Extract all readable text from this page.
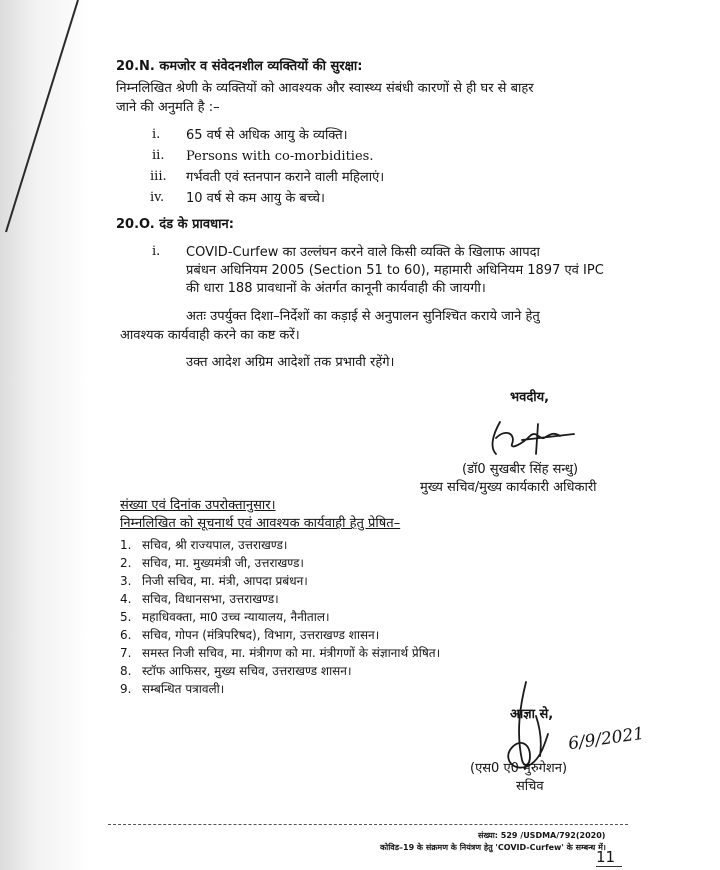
20.N. कमजोर व संवेदनशील व्यक्तियों की सुरक्षा:
निम्नलिखित श्रेणी के व्यक्तियों को आवश्यक और स्वास्थ्य संबंधी कारणों से ही घर से बाहर
जाने की अनुमति है :–
i. 65 वर्ष से अधिक आयु के व्यक्ति।
ii. Persons with co-morbidities.
iii. गर्भवती एवं स्तनपान कराने वाली महिलाएं।
iv. 10 वर्ष से कम आयु के बच्चे।
20.O. दंड के प्रावधान:
i. COVID-Curfew का उल्लंघन करने वाले किसी व्यक्ति के खिलाफ आपदा
प्रबंधन अधिनियम 2005 (Section 51 to 60), महामारी अधिनियम 1897 एवं IPC
की धारा 188 प्रावधानों के अंतर्गत कानूनी कार्यवाही की जायगी।
अतः उपर्युक्त दिशा–निर्देशों का कड़ाई से अनुपालन सुनिश्चित कराये जाने हेतु
आवश्यक कार्यवाही करने का कष्ट करें।
उक्त आदेश अग्रिम आदेशों तक प्रभावी रहेंगे।
भवदीय,
(डॉ0 सुखबीर सिंह सन्धु)
मुख्य सचिव/मुख्य कार्यकारी अधिकारी
संख्या एवं दिनांक उपरोक्तानुसार।
निम्नलिखित को सूचनार्थ एवं आवश्यक कार्यवाही हेतु प्रेषित–
1. सचिव, श्री राज्यपाल, उत्तराखण्ड।
2. सचिव, मा. मुख्यमंत्री जी, उत्तराखण्ड।
3. निजी सचिव, मा. मंत्री, आपदा प्रबंधन।
4. सचिव, विधानसभा, उत्तराखण्ड।
5. महाधिवक्ता, मा0 उच्च न्यायालय, नैनीताल।
6. सचिव, गोपन (मंत्रिपरिषद), विभाग, उत्तराखण्ड शासन।
7. समस्त निजी सचिव, मा. मंत्रीगण को मा. मंत्रीगणों के संज्ञानार्थ प्रेषित।
8. स्टॉफ आफिसर, मुख्य सचिव, उत्तराखण्ड शासन।
9. सम्बन्धित पत्रावली।
आज्ञा से,
6/9/2021
(एस0 ए0 मुरुगेशन)
सचिव
संख्या: 529 /USDMA/792(2020)
कोविड–19 के संक्रमण के नियंत्रण हेतु 'COVID-Curfew' के सम्बन्ध में।
11
